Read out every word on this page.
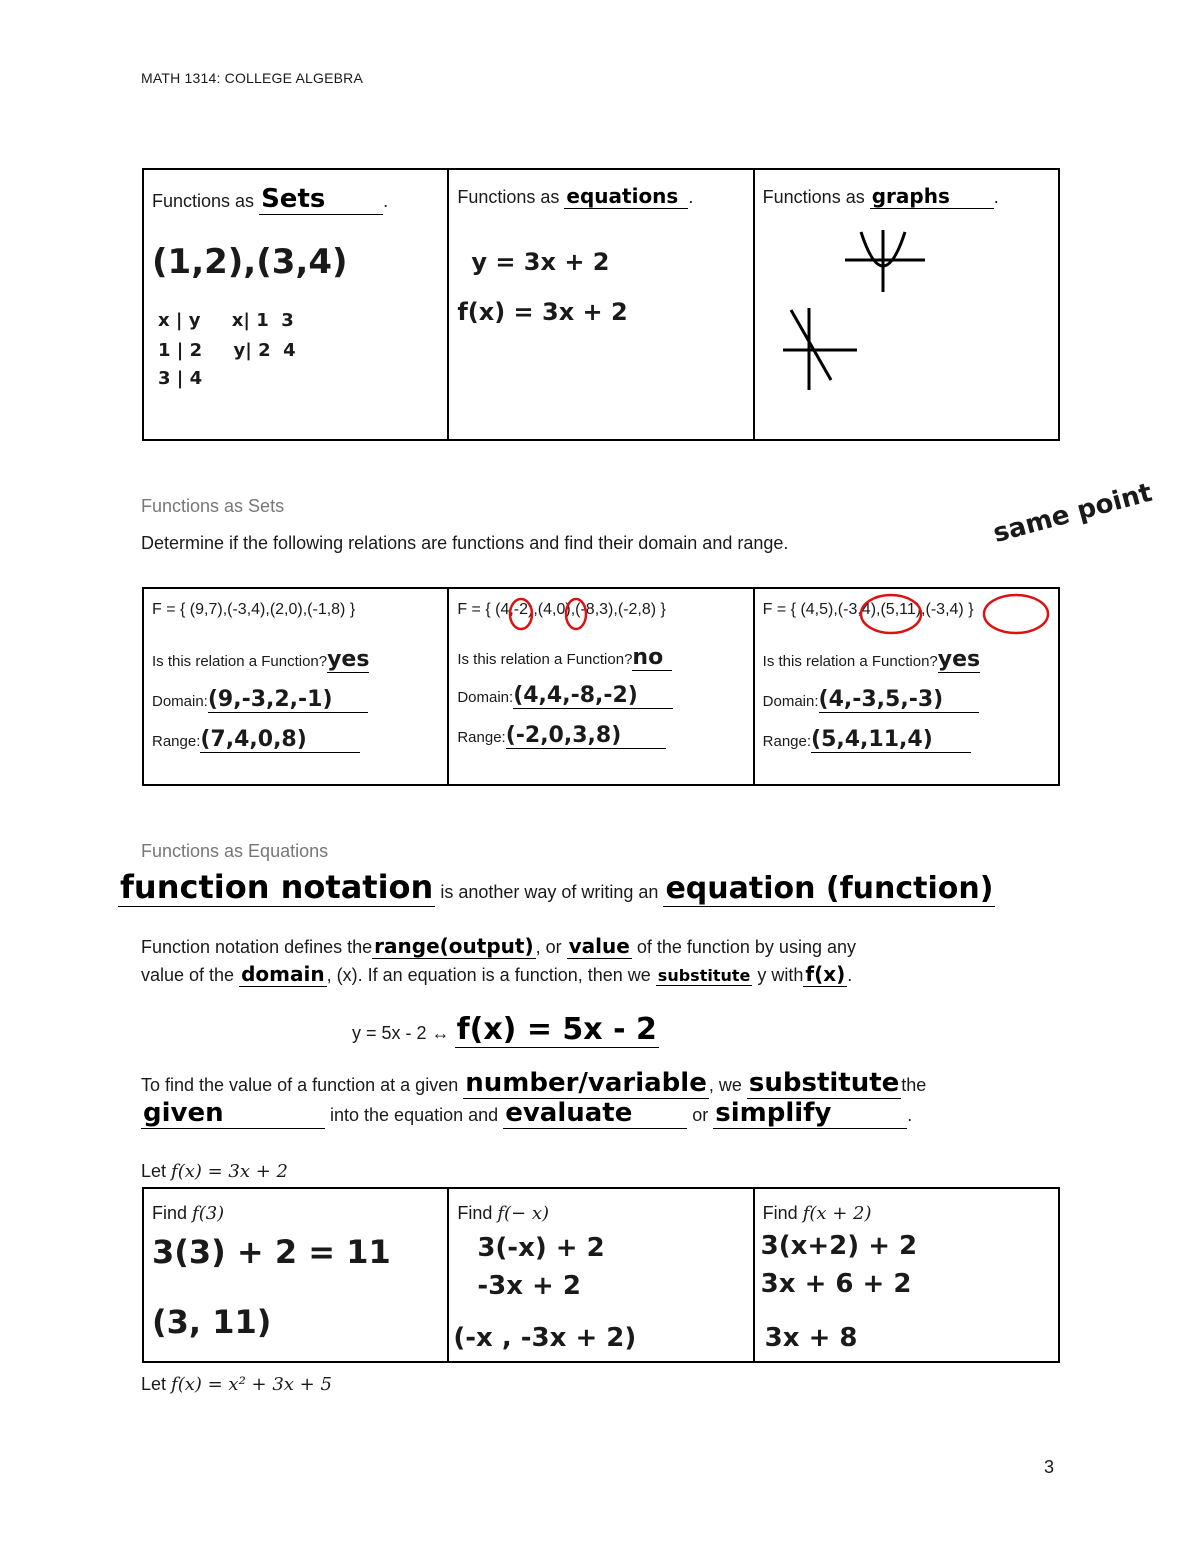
MATH 1314: COLLEGE ALGEBRA
Functions as Sets	.
(1,2),(3,4)
x | y     x| 1  3
1 | 2     y| 2  4
3 | 4
Functions as equations .
y = 3x + 2
f(x) = 3x + 2
Functions as graphs .
Functions as Sets
Determine if the following relations are functions and find their domain and range.	same point
F = { (9,7),(-3,4),(2,0),(-1,8) }
Is this relation a Function?yes
Domain:(9,-3,2,-1)
Range:(7,4,0,8)
F = { (4,-2),(4,0),(-8,3),(-2,8) }
Is this relation a Function?no
Domain:(4,4,-8,-2)
Range:(-2,0,3,8)
F = { (4,5),(-3,4),(5,11),(-3,4) }
Is this relation a Function?yes
Domain:(4,-3,5,-3)
Range:(5,4,11,4)
Functions as Equations
function notation is another way of writing an equation (function)
Function notation defines the range(output) , or value of the function by using any
value of the domain , (x). If an equation is a function, then we substitute y with f(x) .
y = 5x - 2 ↔ f(x) = 5x - 2
To find the value of a function at a given number/variable , we substitute the
given	into the equation and evaluate	or simplify	.
Let f(x) = 3x + 2
Find f(3)
3(3) + 2 = 11
(3, 11)
Find f(− x)
3(-x) + 2
-3x + 2
(-x , -3x + 2)
Find f(x + 2)
3(x+2) + 2
3x + 6 + 2
3x + 8
Let f(x) = x² + 3x + 5
3
